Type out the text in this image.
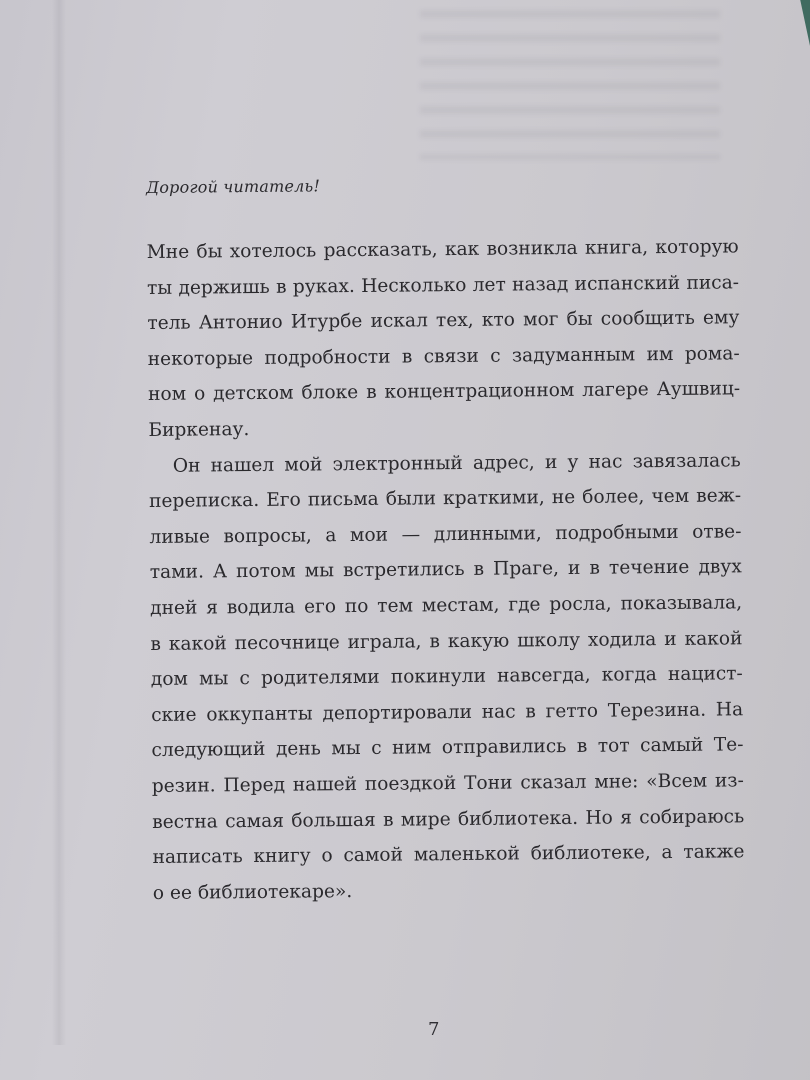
Дорогой читатель!

Мне бы хотелось рассказать, как возникла книга, которую

ты держишь в руках. Несколько лет назад испанский писа-

тель Антонио Итурбе искал тех, кто мог бы сообщить ему

некоторые подробности в связи с задуманным им рома-

ном о детском блоке в концентрационном лагере Аушвиц-

Биркенау.

Он нашел мой электронный адрес, и у нас завязалась

переписка. Его письма были краткими, не более, чем веж-

ливые вопросы, а мои — длинными, подробными отве-

тами. А потом мы встретились в Праге, и в течение двух

дней я водила его по тем местам, где росла, показывала,

в какой песочнице играла, в какую школу ходила и какой

дом мы с родителями покинули навсегда, когда нацист-

ские оккупанты депортировали нас в гетто Терезина. На

следующий день мы с ним отправились в тот самый Те-

резин. Перед нашей поездкой Тони сказал мне: «Всем из-

вестна самая большая в мире библиотека. Но я собираюсь

написать книгу о самой маленькой библиотеке, а также

о ее библиотекаре».

7
